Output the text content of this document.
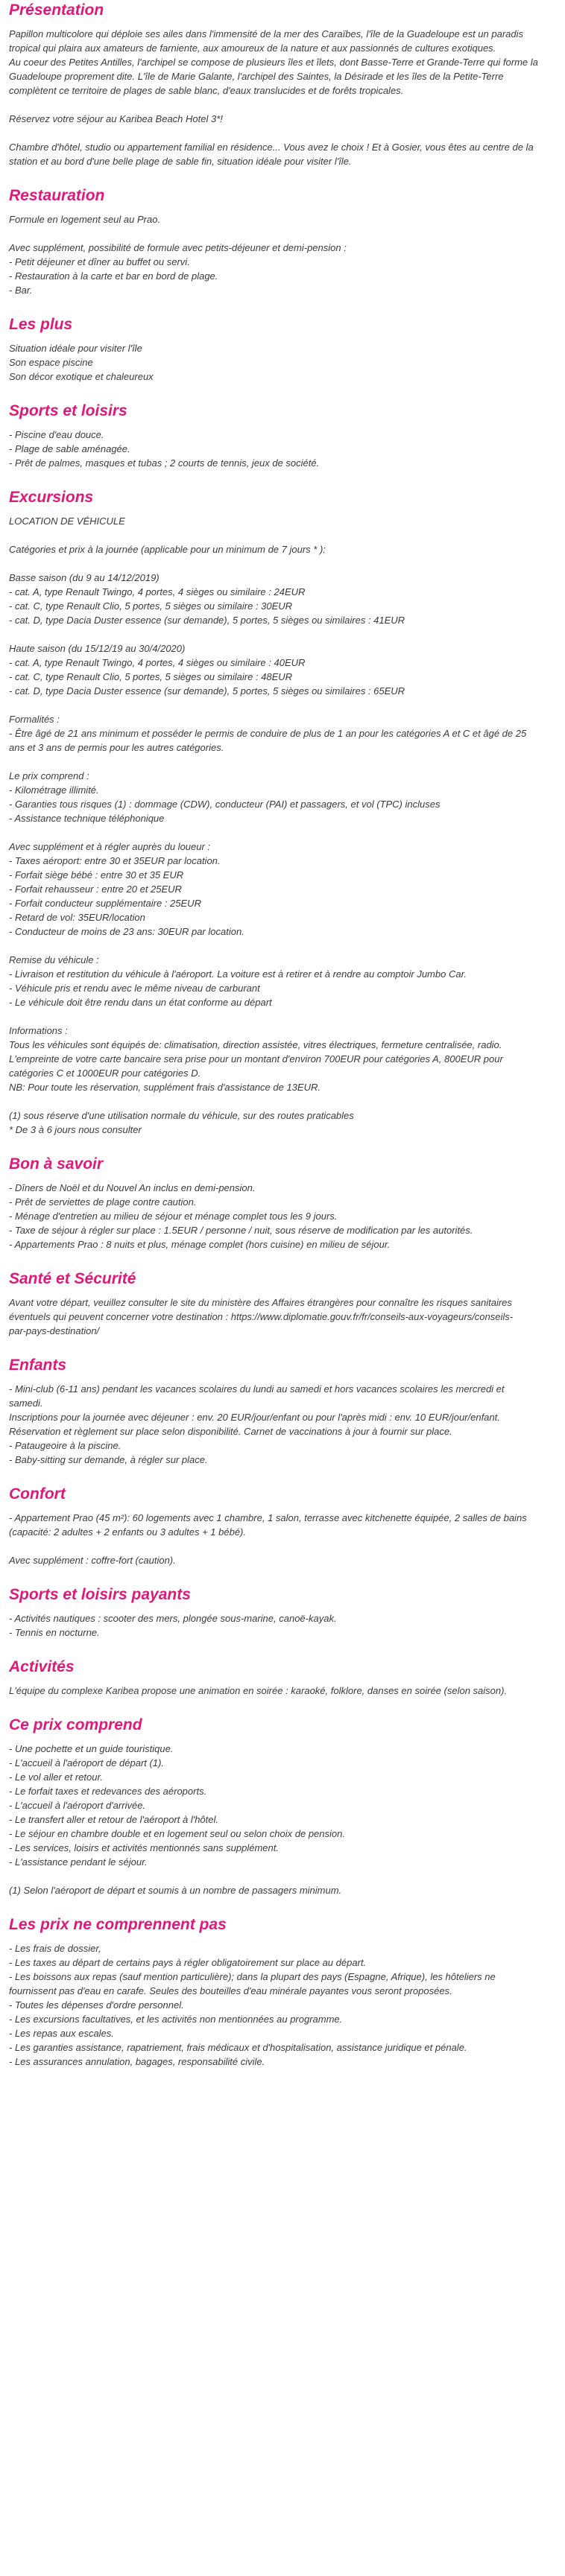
Présentation
Papillon multicolore qui déploie ses ailes dans l'immensité de la mer des Caraïbes, l'île de la Guadeloupe est un paradis
tropical qui plaira aux amateurs de farniente, aux amoureux de la nature et aux passionnés de cultures exotiques.
Au coeur des Petites Antilles, l'archipel se compose de plusieurs îles et îlets, dont Basse-Terre et Grande-Terre qui forme la
Guadeloupe proprement dite. L'île de Marie Galante, l'archipel des Saintes, la Désirade et les îles de la Petite-Terre
complètent ce territoire de plages de sable blanc, d'eaux translucides et de forêts tropicales.
Réservez votre séjour au Karibea Beach Hotel 3*!
Chambre d'hôtel, studio ou appartement familial en résidence... Vous avez le choix ! Et à Gosier, vous êtes au centre de la
station et au bord d'une belle plage de sable fin, situation idéale pour visiter l'île.
Restauration
Formule en logement seul au Prao.
Avec supplément, possibilité de formule avec petits-déjeuner et demi-pension :
- Petit déjeuner et dîner au buffet ou servi.
- Restauration à la carte et bar en bord de plage.
- Bar.
Les plus
Situation idéale pour visiter l'île
Son espace piscine
Son décor exotique et chaleureux
Sports et loisirs
- Piscine d'eau douce.
- Plage de sable aménagée.
- Prêt de palmes, masques et tubas ; 2 courts de tennis, jeux de société.
Excursions
LOCATION DE VÉHICULE
Catégories et prix à la journée (applicable pour un minimum de 7 jours * ):
Basse saison (du 9 au 14/12/2019)
- cat. A, type Renault Twingo, 4 portes, 4 sièges ou similaire : 24EUR
- cat. C, type Renault Clio, 5 portes, 5 sièges ou similaire : 30EUR
- cat. D, type Dacia Duster essence (sur demande), 5 portes, 5 sièges ou similaires : 41EUR
Haute saison (du 15/12/19 au 30/4/2020)
- cat. A, type Renault Twingo, 4 portes, 4 sièges ou similaire : 40EUR
- cat. C, type Renault Clio, 5 portes, 5 sièges ou similaire : 48EUR
- cat. D, type Dacia Duster essence (sur demande), 5 portes, 5 sièges ou similaires : 65EUR
Formalités :
- Être âgé de 21 ans minimum et posséder le permis de conduire de plus de 1 an pour les catégories A et C et âgé de 25
ans et 3 ans de permis pour les autres catégories.
Le prix comprend :
- Kilométrage illimité.
- Garanties tous risques (1) : dommage (CDW), conducteur (PAI) et passagers, et vol (TPC) incluses
- Assistance technique téléphonique
Avec supplément et à régler auprès du loueur :
- Taxes aéroport: entre 30 et 35EUR par location.
- Forfait siège bébé : entre 30 et 35 EUR
- Forfait rehausseur : entre 20 et 25EUR
- Forfait conducteur supplémentaire : 25EUR
- Retard de vol: 35EUR/location
- Conducteur de moins de 23 ans: 30EUR par location.
Remise du véhicule :
- Livraison et restitution du véhicule à l'aéroport. La voiture est à retirer et à rendre au comptoir Jumbo Car.
- Véhicule pris et rendu avec le même niveau de carburant
- Le véhicule doit être rendu dans un état conforme au départ
Informations :
Tous les véhicules sont équipés de: climatisation, direction assistée, vitres électriques, fermeture centralisée, radio.
L'empreinte de votre carte bancaire sera prise pour un montant d'environ 700EUR pour catégories A, 800EUR pour
catégories C et 1000EUR pour catégories D.
NB: Pour toute les réservation, supplément frais d'assistance de 13EUR.
(1) sous réserve d'une utilisation normale du véhicule, sur des routes praticables
* De 3 à 6 jours nous consulter
Bon à savoir
- Dîners de Noël et du Nouvel An inclus en demi-pension.
- Prêt de serviettes de plage contre caution.
- Ménage d'entretien au milieu de séjour et ménage complet tous les 9 jours.
- Taxe de séjour à régler sur place : 1.5EUR / personne / nuit, sous réserve de modification par les autorités.
- Appartements Prao : 8 nuits et plus, ménage complet (hors cuisine) en milieu de séjour.
Santé et Sécurité
Avant votre départ, veuillez consulter le site du ministère des Affaires étrangères pour connaître les risques sanitaires
éventuels qui peuvent concerner votre destination : https://www.diplomatie.gouv.fr/fr/conseils-aux-voyageurs/conseils-
par-pays-destination/
Enfants
- Mini-club (6-11 ans) pendant les vacances scolaires du lundi au samedi et hors vacances scolaires les mercredi et
samedi.
Inscriptions pour la journée avec déjeuner : env. 20 EUR/jour/enfant ou pour l'après midi : env. 10 EUR/jour/enfant.
Réservation et règlement sur place selon disponibilité. Carnet de vaccinations à jour à fournir sur place.
- Pataugeoire à la piscine.
- Baby-sitting sur demande, à régler sur place.
Confort
- Appartement Prao (45 m²): 60 logements avec 1 chambre, 1 salon, terrasse avec kitchenette équipée, 2 salles de bains
(capacité: 2 adultes + 2 enfants ou 3 adultes + 1 bébé).
Avec supplément : coffre-fort (caution).
Sports et loisirs payants
- Activités nautiques : scooter des mers, plongée sous-marine, canoë-kayak.
- Tennis en nocturne.
Activités
L'équipe du complexe Karibea propose une animation en soirée : karaoké, folklore, danses en soirée (selon saison).
Ce prix comprend
- Une pochette et un guide touristique.
- L'accueil à l'aéroport de départ (1).
- Le vol aller et retour.
- Le forfait taxes et redevances des aéroports.
- L'accueil à l'aéroport d'arrivée.
- Le transfert aller et retour de l'aéroport à l'hôtel.
- Le séjour en chambre double et en logement seul ou selon choix de pension.
- Les services, loisirs et activités mentionnés sans supplément.
- L'assistance pendant le séjour.
(1) Selon l'aéroport de départ et soumis à un nombre de passagers minimum.
Les prix ne comprennent pas
- Les frais de dossier,
- Les taxes au départ de certains pays à régler obligatoirement sur place au départ.
- Les boissons aux repas (sauf mention particulière); dans la plupart des pays (Espagne, Afrique), les hôteliers ne
fournissent pas d'eau en carafe. Seules des bouteilles d'eau minérale payantes vous seront proposées.
- Toutes les dépenses d'ordre personnel.
- Les excursions facultatives, et les activités non mentionnées au programme.
- Les repas aux escales.
- Les garanties assistance, rapatriement, frais médicaux et d'hospitalisation, assistance juridique et pénale.
- Les assurances annulation, bagages, responsabilité civile.
